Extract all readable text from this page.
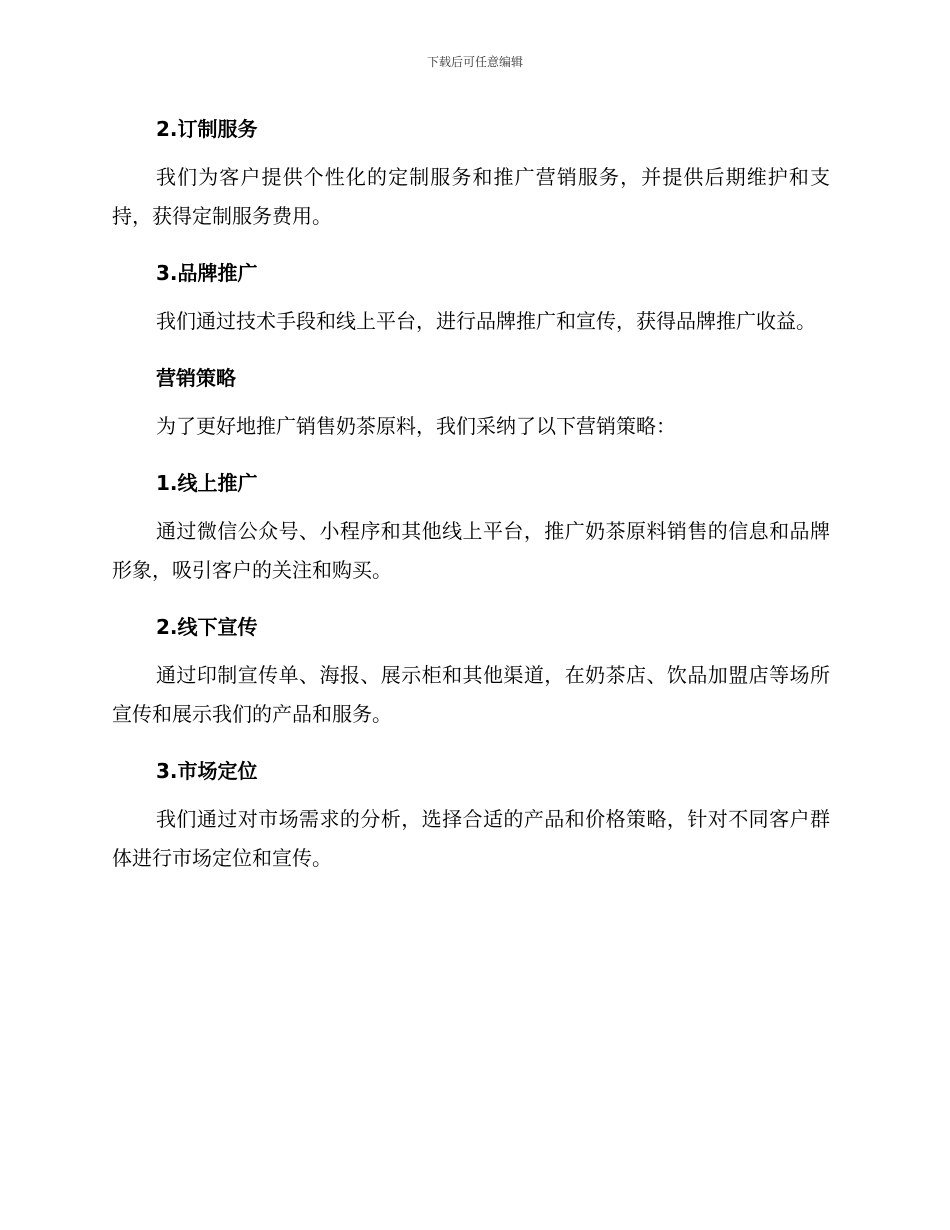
下载后可任意编辑
2.订制服务

我们为客户提供个性化的定制服务和推广营销服务，并提供后期维护和支持，获得定制服务费用。

3.品牌推广

我们通过技术手段和线上平台，进行品牌推广和宣传，获得品牌推广收益。

营销策略

为了更好地推广销售奶茶原料，我们采纳了以下营销策略：

1.线上推广

通过微信公众号、小程序和其他线上平台，推广奶茶原料销售的信息和品牌形象，吸引客户的关注和购买。

2.线下宣传

通过印制宣传单、海报、展示柜和其他渠道，在奶茶店、饮品加盟店等场所宣传和展示我们的产品和服务。

3.市场定位

我们通过对市场需求的分析，选择合适的产品和价格策略，针对不同客户群体进行市场定位和宣传。
